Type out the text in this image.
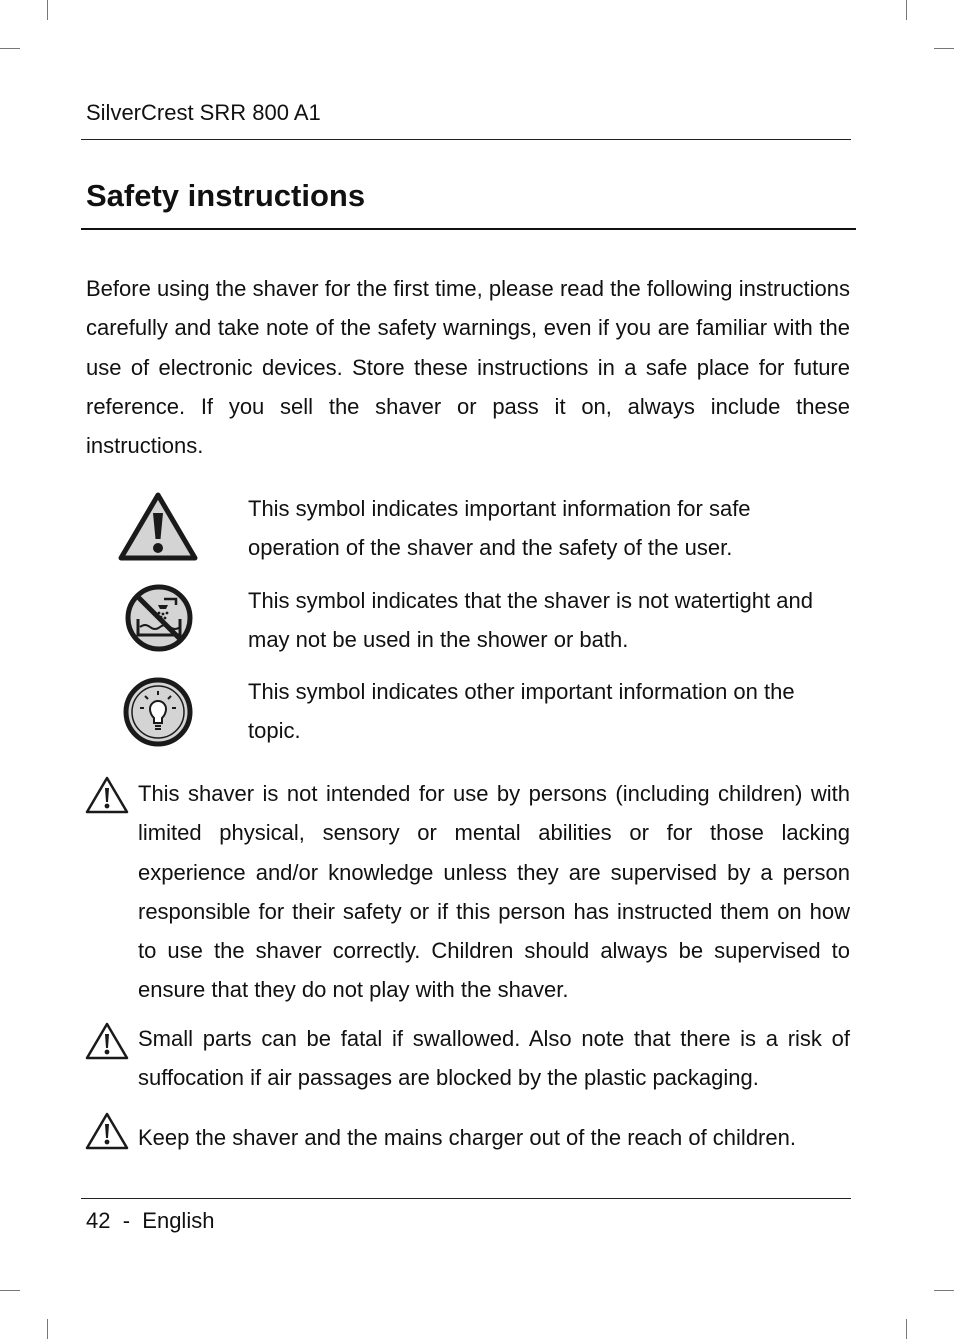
SilverCrest SRR 800 A1
Safety instructions

Before using the shaver for the first time, please read the following instructions carefully and take note of the safety warnings, even if you are familiar with the use of electronic devices. Store these instructions in a safe place for future reference. If you sell the shaver or pass it on, always include these instructions.

This symbol indicates important information for safe operation of the shaver and the safety of the user.

This symbol indicates that the shaver is not watertight and may not be used in the shower or bath.

This symbol indicates other important information on the topic.

This shaver is not intended for use by persons (including children) with limited physical, sensory or mental abilities or for those lacking experience and/or knowledge unless they are supervised by a person responsible for their safety or if this person has instructed them on how to use the shaver correctly. Children should always be supervised to ensure that they do not play with the shaver.

Small parts can be fatal if swallowed. Also note that there is a risk of suffocation if air passages are blocked by the plastic packaging.

Keep the shaver and the mains charger out of the reach of children.

42 - English
